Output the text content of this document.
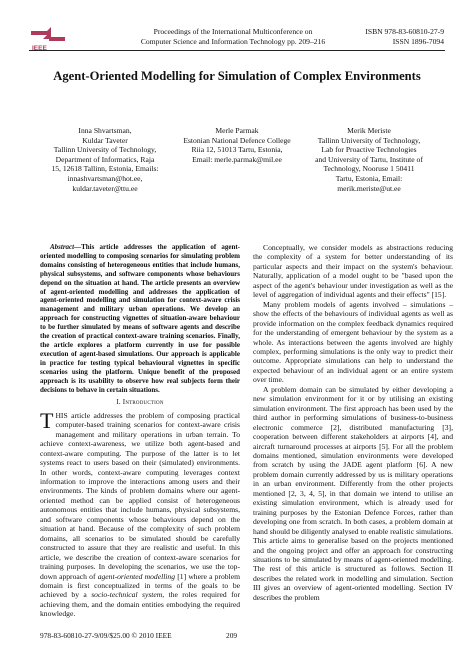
IEEE
Proceedings of the International Multiconference on
Computer Science and Information Technology pp. 209–216
ISBN 978-83-60810-27-9
ISSN 1896-7094
Agent-Oriented Modelling for Simulation of Complex Environments
Inna Shvartsman,
Kuldar Taveter
Tallinn University of Technology,
Department of Informatics, Raja
15, 12618 Tallinn, Estonia, Emails:
innashvartsman@hot.ee,
kuldar.taveter@ttu.ee
Merle Parmak
Estonian National Defence College
Riia 12, 51013 Tartu, Estonia,
Email: merle.parmak@mil.ee
Merik Meriste
Tallinn University of Technology,
Lab for Proactive Technologies
and University of Tartu, Institute of
Technology, Nooruse 1 50411
Tartu, Estonia, Email:
merik.meriste@ut.ee

Abstract—This article addresses the application of agent-oriented modelling to composing scenarios for simulating problem domains consisting of heterogeneous entities that include humans, physical subsystems, and software components whose behaviours depend on the situation at hand. The article presents an overview of agent-oriented modelling and addresses the application of agent-oriented modelling and simulation for context-aware crisis management and military urban operations. We develop an approach for constructing vignettes of situation-aware behaviour to be further simulated by means of software agents and describe the creation of practical context-aware training scenarios. Finally, the article explores a platform currently in use for possible execution of agent-based simulations. Our approach is applicable in practice for testing typical behavioural vignettes in specific scenarios using the platform. Unique benefit of the proposed approach is its usability to observe how real subjects form their decisions to behave in certain situations.

I. Introduction

THIS article addresses the problem of composing practical computer-based training scenarios for context-aware crisis management and military operations in urban terrain. To achieve context-awareness, we utilize both agent-based and context-aware computing. The purpose of the latter is to let systems react to users based on their (simulated) environments. In other words, context-aware computing leverages context information to improve the interactions among users and their environments. The kinds of problem domains where our agent-oriented method can be applied consist of heterogeneous autonomous entities that include humans, physical subsystems, and software components whose behaviours depend on the situation at hand. Because of the complexity of such problem domains, all scenarios to be simulated should be carefully constructed to assure that they are realistic and useful. In this article, we describe the creation of context-aware scenarios for training purposes. In developing the scenarios, we use the top-down approach of agent-oriented modelling [1] where a problem domain is first conceptualized in terms of the goals to be achieved by a socio-technical system, the roles required for achieving them, and the domain entities embodying the required knowledge.

Conceptually, we consider models as abstractions reducing the complexity of a system for better understanding of its particular aspects and their impact on the system's behaviour. Naturally, application of a model ought to be "based upon the aspect of the agent's behaviour under investigation as well as the level of aggregation of individual agents and their effects" [15].

Many problem models of agents involved – simulations – show the effects of the behaviours of individual agents as well as provide information on the complex feedback dynamics required for the understanding of emergent behaviour by the system as a whole. As interactions between the agents involved are highly complex, performing simulations is the only way to predict their outcome. Appropriate simulations can help to understand the expected behaviour of an individual agent or an entire system over time.

A problem domain can be simulated by either developing a new simulation environment for it or by utilising an existing simulation environment. The first approach has been used by the third author in performing simulations of business-to-business electronic commerce [2], distributed manufacturing [3], cooperation between different stakeholders at airports [4], and aircraft turnaround processes at airports [5]. For all the problem domains mentioned, simulation environments were developed from scratch by using the JADE agent platform [6]. A new problem domain currently addressed by us is military operations in an urban environment. Differently from the other projects mentioned [2, 3, 4, 5], in that domain we intend to utilise an existing simulation environment, which is already used for training purposes by the Estonian Defence Forces, rather than developing one from scratch. In both cases, a problem domain at hand should be diligently analysed to enable realistic simulations. This article aims to generalise based on the projects mentioned and the ongoing project and offer an approach for constructing situations to be simulated by means of agent-oriented modelling. The rest of this article is structured as follows. Section II describes the related work in modelling and simulation. Section III gives an overview of agent-oriented modelling. Section IV describes the problem

978-83-60810-27-9/09/$25.00 © 2010 IEEE	209
